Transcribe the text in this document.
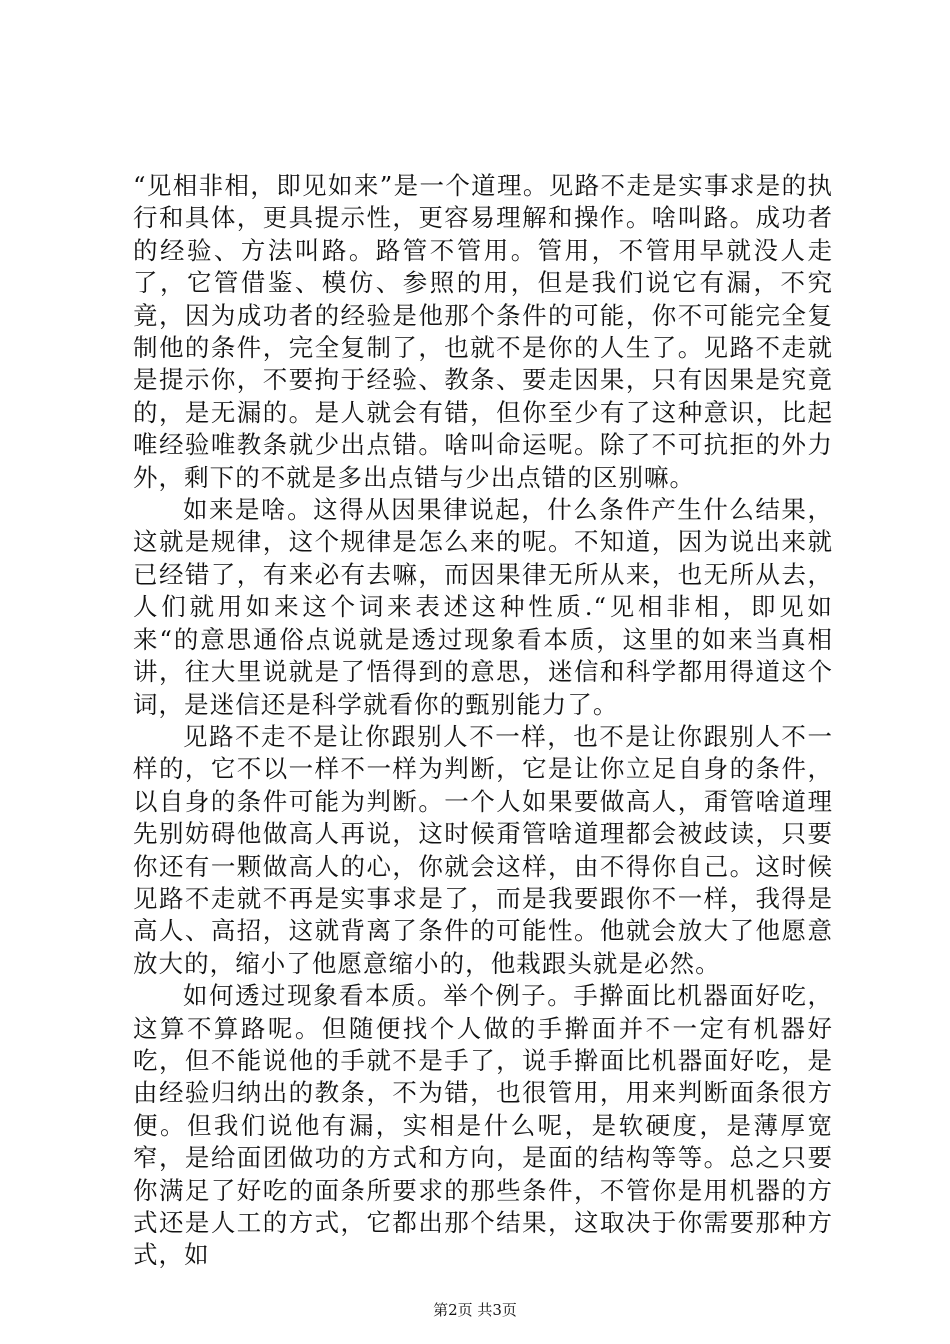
“见相非相，即见如来”是一个道理。见路不走是实事求是的执行和具体，更具提示性，更容易理解和操作。啥叫路。成功者的经验、方法叫路。路管不管用。管用，不管用早就没人走了，它管借鉴、模仿、参照的用，但是我们说它有漏，不究竟，因为成功者的经验是他那个条件的可能，你不可能完全复制他的条件，完全复制了，也就不是你的人生了。见路不走就是提示你，不要拘于经验、教条、要走因果，只有因果是究竟的，是无漏的。是人就会有错，但你至少有了这种意识，比起唯经验唯教条就少出点错。啥叫命运呢。除了不可抗拒的外力外，剩下的不就是多出点错与少出点错的区别嘛。

如来是啥。这得从因果律说起，什么条件产生什么结果，这就是规律，这个规律是怎么来的呢。不知道，因为说出来就已经错了，有来必有去嘛，而因果律无所从来，也无所从去，人们就用如来这个词来表述这种性质.“见相非相，即见如来“的意思通俗点说就是透过现象看本质，这里的如来当真相讲，往大里说就是了悟得到的意思，迷信和科学都用得道这个词，是迷信还是科学就看你的甄别能力了。

见路不走不是让你跟别人不一样，也不是让你跟别人不一样的，它不以一样不一样为判断，它是让你立足自身的条件，以自身的条件可能为判断。一个人如果要做高人，甭管啥道理先别妨碍他做高人再说，这时候甭管啥道理都会被歧读，只要你还有一颗做高人的心，你就会这样，由不得你自己。这时候见路不走就不再是实事求是了，而是我要跟你不一样，我得是高人、高招，这就背离了条件的可能性。他就会放大了他愿意放大的，缩小了他愿意缩小的，他栽跟头就是必然。

如何透过现象看本质。举个例子。手擀面比机器面好吃，这算不算路呢。但随便找个人做的手擀面并不一定有机器好吃，但不能说他的手就不是手了，说手擀面比机器面好吃，是由经验归纳出的教条，不为错，也很管用，用来判断面条很方便。但我们说他有漏，实相是什么呢，是软硬度，是薄厚宽窄，是给面团做功的方式和方向，是面的结构等等。总之只要你满足了好吃的面条所要求的那些条件，不管你是用机器的方式还是人工的方式，它都出那个结果，这取决于你需要那种方式，如

第2页 共3页
